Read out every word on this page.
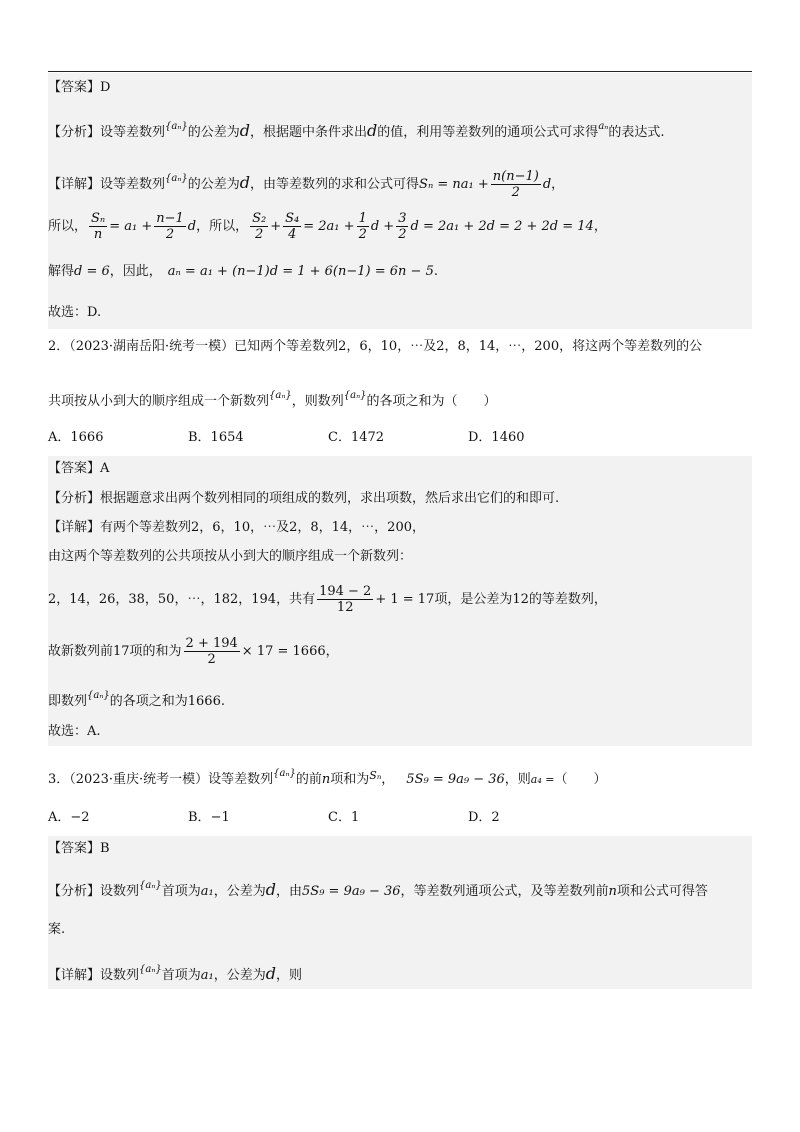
【答案】D
【分析】设等差数列$^{\{a_n\}}$的公差为d，根据题中条件求出d的值，利用等差数列的通项公式可求得$^{a_n}$的表达式.
【详解】设等差数列$^{\{a_n\}}$的公差为d，由等差数列的求和公式可得$S_n = na_1 + \frac{n(n-1)}{2}$ d，
所以， $\frac{\text{Sₙ}}{n} = a_1 + \frac{n-1}{2}$ d，所以， $\frac{\text{S₂}}{2} + \frac{\text{S₄}}{4} = 2a_1 + \frac{1}{2}$ $d + \frac{3}{2}$ d = 2a₁ + 2d = 2 + 2d = 14，
解得d = 6，因此， aₙ = a₁ + (n−1)d = 1 + 6(n−1) = 6n − 5.
故选：D.
2．（2023·湖南岳阳·统考一模）已知两个等差数列2，6，10，⋯及2，8，14，⋯，200，将这两个等差数列的公
共项按从小到大的顺序组成一个新数列$^{\{a_n\}}$，则数列$^{\{a_n\}}$的各项之和为（　　）
A．1666	B．1654	C．1472	D．1460
【答案】A
【分析】根据题意求出两个数列相同的项组成的数列，求出项数，然后求出它们的和即可.
【详解】有两个等差数列2，6，10，⋯及2，8，14，⋯，200，
由这两个等差数列的公共项按从小到大的顺序组成一个新数列：
2，14，26，38，50，⋯，182，194，共有 $\frac{194 - 2}{12} + 1 = 17$项，是公差为12的等差数列，
故新数列前17项的和为 $\frac{2 + 194}{2} \times 17 = 1666$，
即数列$^{\{a_n\}}$的各项之和为1666.
故选：A.
3．（2023·重庆·统考一模）设等差数列$^{\{a_n\}}$的前n项和为$^{S_n}$， 5S₉ = 9a₉ − 36，则a₄ =（　　）
A．−2	B．−1	C．1	D．2
【答案】B
【分析】设数列$^{\{a_n\}}$首项为a₁，公差为d，由5S₉ = 9a₉ − 36，等差数列通项公式，及等差数列前n项和公式可得答
案.
【详解】设数列$^{\{a_n\}}$首项为a₁，公差为d，则
